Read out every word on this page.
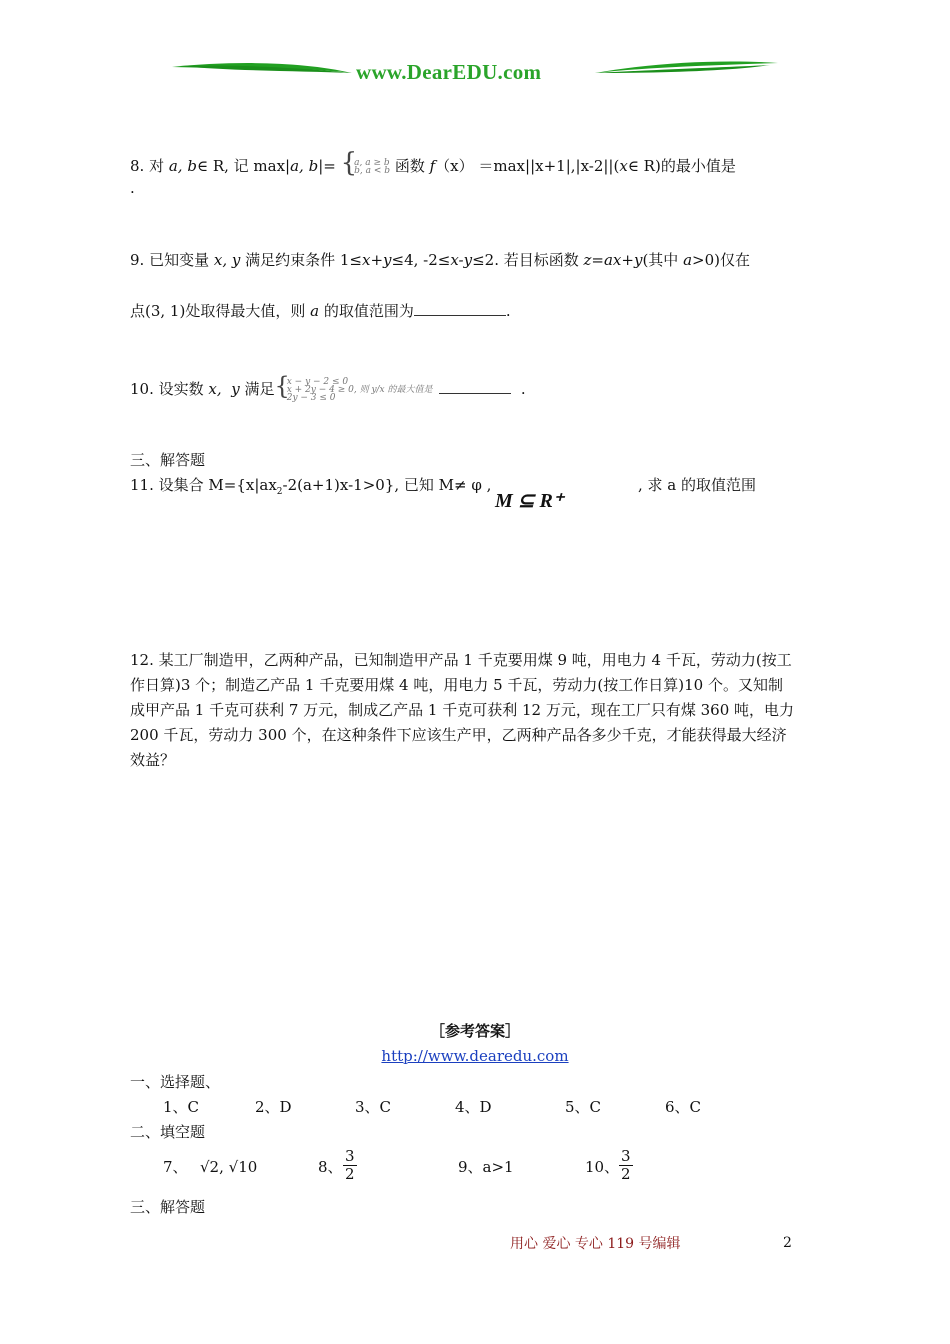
www.DearEDU.com
8. 对 a, b∈ R, 记 max|a, b|= {
a, a ≥ b
b, a < b 函数 f（x） ＝max||x+1|,|x-2||(x∈ R)的最小值是
.
9. 已知变量 x, y 满足约束条件 1≤x+y≤4, -2≤x-y≤2. 若目标函数 z=ax+y(其中 a>0)仅在
点(3, 1)处取得最大值，则 a 的取值范围为	.
10. 设实数 x, y 满足{
x − y − 2 ≤ 0
x + 2y − 4 ≥ 0, 则 y/x 的最大值是
2y − 3 ≤ 0	.
三、解答题
11. 设集合 $M=\{x|ax_2-2(a+1)x-1>0\}$, 已知 M≠ φ ,
M ⊆ R⁺
, 求 a 的取值范围
12. 某工厂制造甲，乙两种产品，已知制造甲产品 1 千克要用煤 9 吨，用电力 4 千瓦，劳动力(按工
作日算)3 个；制造乙产品 1 千克要用煤 4 吨，用电力 5 千瓦，劳动力(按工作日算)10 个。又知制
成甲产品 1 千克可获利 7 万元，制成乙产品 1 千克可获利 12 万元，现在工厂只有煤 360 吨，电力
200 千瓦，劳动力 300 个，在这种条件下应该生产甲，乙两种产品各多少千克，才能获得最大经济
效益？
［参考答案］
http://www.dearedu.com
一、选择题、
1、C	2、D	3、C	4、D	5、C	6、C
二、填空题
7、 √2, √10	8、 $\frac{3}{2}$	9、a>1	10、 $\frac{3}{2}$
三、解答题
用心 爱心 专心 119 号编辑	2
